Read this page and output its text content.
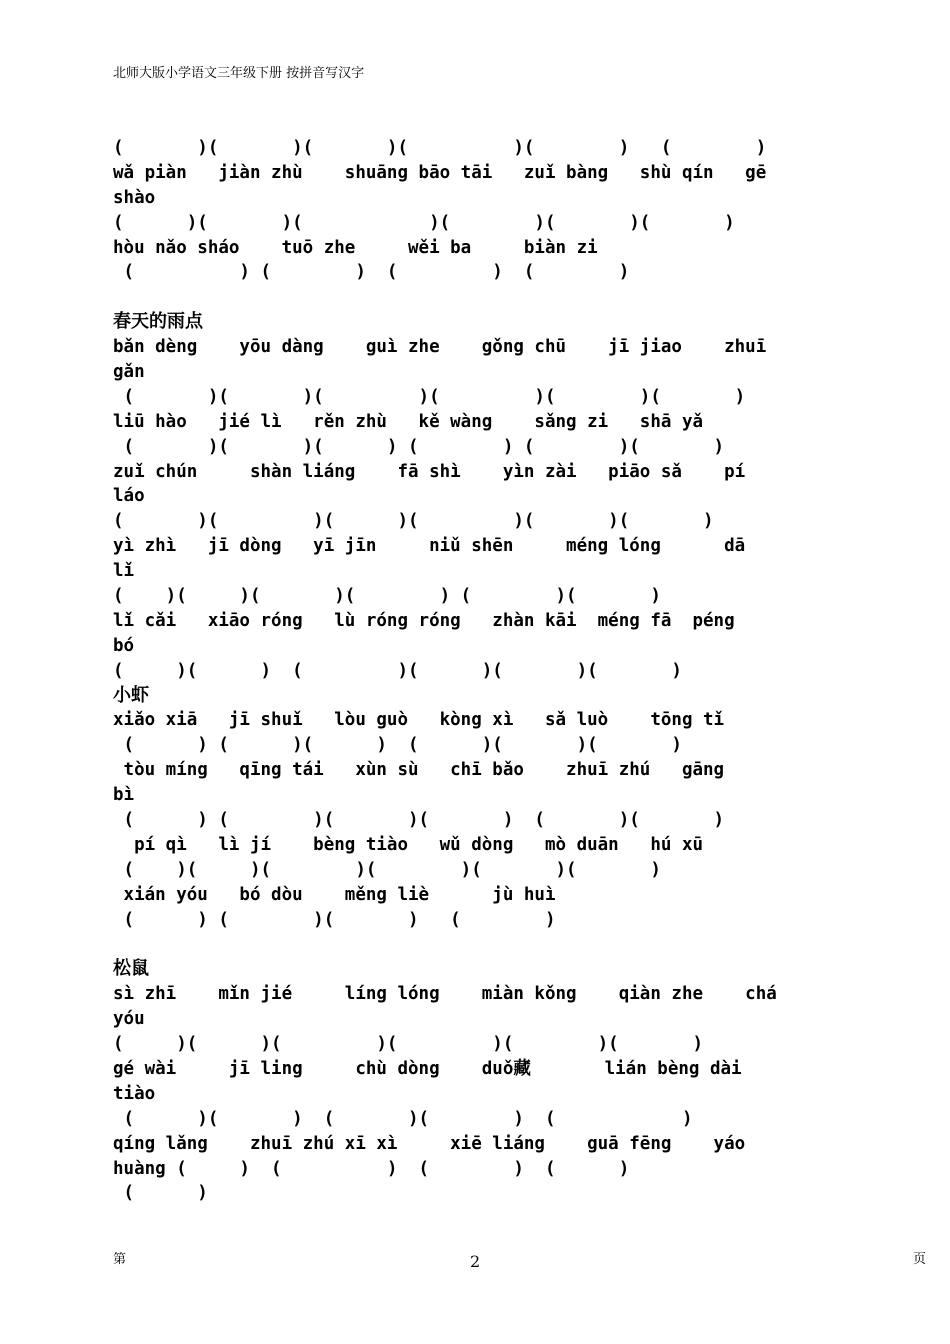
北师大版小学语文三年级下册 按拼音写汉字
(       )(       )(       )(          )(        )   (        )
wǎ piàn   jiàn zhù    shuāng bāo tāi   zuǐ bàng   shù qín   gē
shào
(      )(       )(            )(        )(       )(       )
hòu nǎo sháo    tuō zhe     wěi ba     biàn zi
(          ) (        )  (         )  (        )
春天的雨点
bǎn dèng    yōu dàng    guì zhe    gǒng chū    jī jiao    zhuī
gǎn
(       )(       )(         )(         )(        )(       )
liū hào   jié lì   rěn zhù   kě wàng    sǎng zi   shā yǎ
(       )(       )(      ) (        ) (        )(       )
zuǐ chún     shàn liáng    fā shì    yìn zài   piāo sǎ    pí
láo
(       )(         )(      )(         )(       )(       )
yì zhì   jī dòng   yī jīn     niǔ shēn     méng lóng      dā
lǐ
(    )(     )(       )(        ) (        )(       )
lǐ cǎi   xiāo róng   lù róng róng   zhàn kāi  méng fā  péng
bó
(     )(      )  (         )(      )(       )(       )
小虾
xiǎo xiā   jī shuǐ   lòu guò   kòng xì   sǎ luò    tōng tǐ
(      ) (      )(      )  (      )(       )(       )
tòu míng   qīng tái   xùn sù   chī bǎo    zhuī zhú   gāng
bì
(      ) (        )(       )(       )  (       )(       )
pí qì   lì jí    bèng tiào   wǔ dòng   mò duān   hú xū
(    )(     )(        )(        )(       )(       )
xián yóu   bó dòu    měng liè      jù huì
(      ) (        )(       )   (        )
松鼠
sì zhī    mǐn jié     líng lóng    miàn kǒng    qiàn zhe    chá
yóu
(     )(      )(         )(         )(        )(       )
gé wài     jī ling     chù dòng    duǒ藏       lián bèng dài
tiào
(      )(       )  (       )(        )  (            )
qíng lǎng    zhuī zhú xī xì     xiē liáng    guā fēng    yáo
huàng (     )  (          )  (        )  (      )
(      )
第	2	页
